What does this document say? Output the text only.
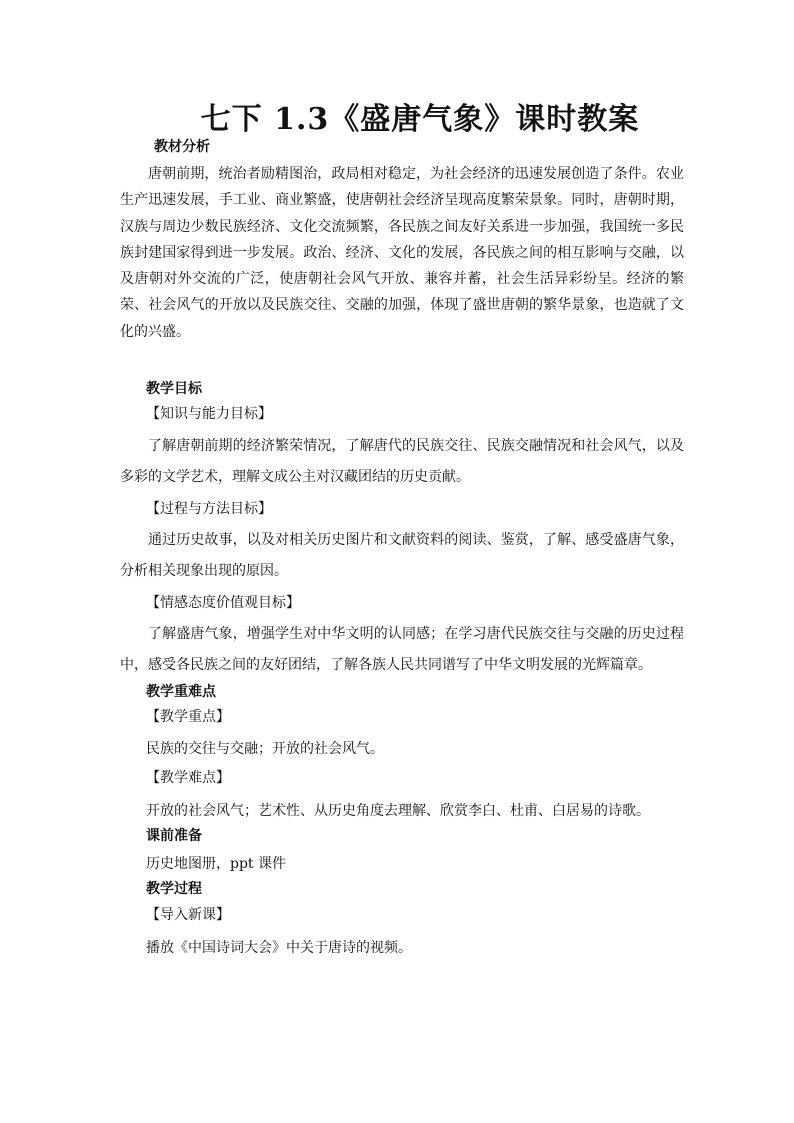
七下 1.3《盛唐气象》课时教案
教材分析
唐朝前期，统治者励精图治，政局相对稳定，为社会经济的迅速发展创造了条件。农业生产迅速发展，手工业、商业繁盛，使唐朝社会经济呈现高度繁荣景象。同时，唐朝时期，汉族与周边少数民族经济、文化交流频繁，各民族之间友好关系进一步加强，我国统一多民族封建国家得到进一步发展。政治、经济、文化的发展，各民族之间的相互影响与交融，以及唐朝对外交流的广泛，使唐朝社会风气开放、兼容并蓄，社会生活异彩纷呈。经济的繁荣、社会风气的开放以及民族交往、交融的加强，体现了盛世唐朝的繁华景象，也造就了文化的兴盛。
教学目标
【知识与能力目标】
了解唐朝前期的经济繁荣情况，了解唐代的民族交往、民族交融情况和社会风气，以及多彩的文学艺术，理解文成公主对汉藏团结的历史贡献。
【过程与方法目标】
通过历史故事，以及对相关历史图片和文献资料的阅读、鉴赏，了解、感受盛唐气象，分析相关现象出现的原因。
【情感态度价值观目标】
了解盛唐气象，增强学生对中华文明的认同感；在学习唐代民族交往与交融的历史过程中，感受各民族之间的友好团结，了解各族人民共同谱写了中华文明发展的光辉篇章。
教学重难点
【教学重点】
民族的交往与交融；开放的社会风气。
【教学难点】
开放的社会风气；艺术性、从历史角度去理解、欣赏李白、杜甫、白居易的诗歌。
课前准备
历史地图册，ppt 课件
教学过程
【导入新课】
播放《中国诗词大会》中关于唐诗的视频。
